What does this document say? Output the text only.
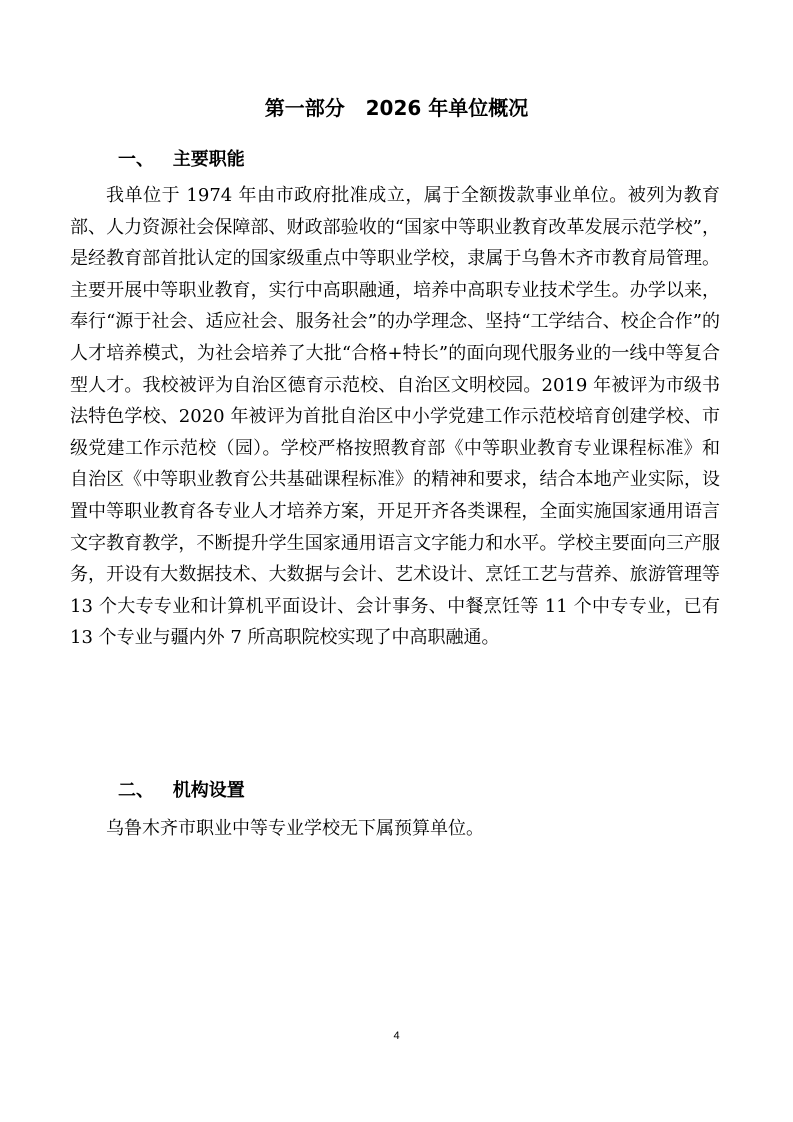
第一部分   2026 年单位概况
一、   主要职能

我单位于 1974 年由市政府批准成立，属于全额拨款事业单位。被列为教育部、人力资源社会保障部、财政部验收的“国家中等职业教育改革发展示范学校”，是经教育部首批认定的国家级重点中等职业学校，隶属于乌鲁木齐市教育局管理。主要开展中等职业教育，实行中高职融通，培养中高职专业技术学生。办学以来，奉行“源于社会、适应社会、服务社会”的办学理念、坚持“工学结合、校企合作”的人才培养模式，为社会培养了大批“合格+特长”的面向现代服务业的一线中等复合型人才。我校被评为自治区德育示范校、自治区文明校园。2019 年被评为市级书法特色学校、2020 年被评为首批自治区中小学党建工作示范校培育创建学校、市级党建工作示范校（园）。学校严格按照教育部《中等职业教育专业课程标准》和自治区《中等职业教育公共基础课程标准》的精神和要求，结合本地产业实际，设置中等职业教育各专业人才培养方案，开足开齐各类课程，全面实施国家通用语言文字教育教学，不断提升学生国家通用语言文字能力和水平。学校主要面向三产服务，开设有大数据技术、大数据与会计、艺术设计、烹饪工艺与营养、旅游管理等 13 个大专专业和计算机平面设计、会计事务、中餐烹饪等 11 个中专专业，已有 13 个专业与疆内外 7 所高职院校实现了中高职融通。

二、   机构设置

乌鲁木齐市职业中等专业学校无下属预算单位。

4
